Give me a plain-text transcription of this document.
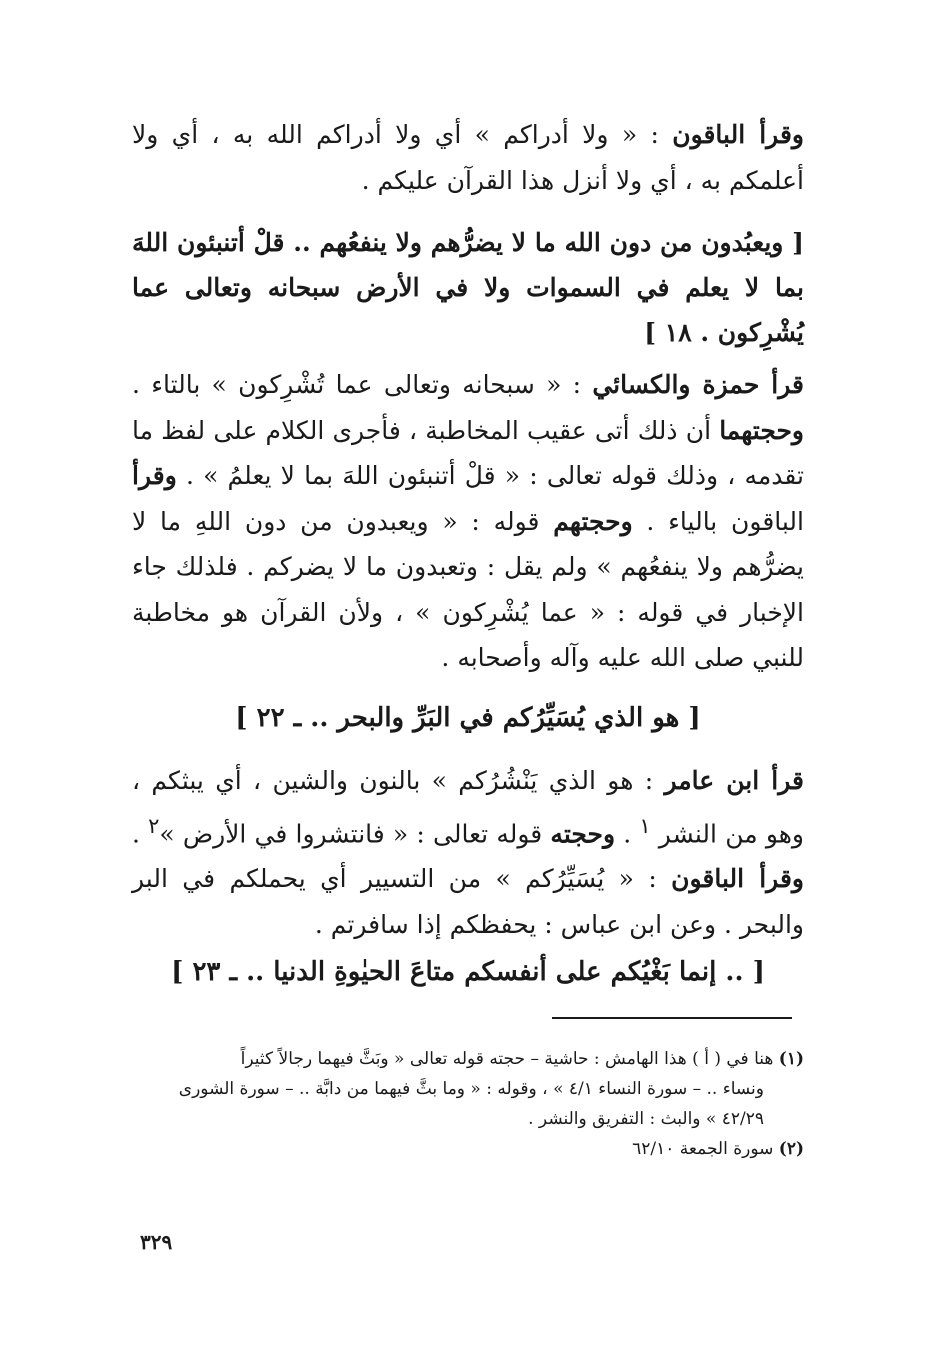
وقرأ الباقون : « ولا أدراكم » أي ولا أدراكم الله به ، أي ولا أعلمكم به ، أي ولا أنزل هذا القرآن عليكم .

[ ويعبُدون من دون الله ما لا يضرُّهم ولا ينفعُهم .. قلْ أتنبئون اللهَ بما لا يعلم في السموات ولا في الأرض سبحانه وتعالى عما يُشْرِكون . ١٨ ]

قرأ حمزة والكسائي : « سبحانه وتعالى عما تُشْرِكون » بالتاء . وحجتهما أن ذلك أتى عقيب المخاطبة ، فأجرى الكلام على لفظ ما تقدمه ، وذلك قوله تعالى : « قلْ أتنبئون اللهَ بما لا يعلمُ » . وقرأ الباقون بالياء . وحجتهم قوله : « ويعبدون من دون اللهِ ما لا يضرُّهم ولا ينفعُهم » ولم يقل : وتعبدون ما لا يضركم . فلذلك جاء الإخبار في قوله : « عما يُشْرِكون » ، ولأن القرآن هو مخاطبة للنبي صلى الله عليه وآله وأصحابه .

[ هو الذي يُسَيِّرُكم في البَرِّ والبحر .. ـ ٢٢ ]

قرأ ابن عامر : هو الذي يَنْشُرُكم » بالنون والشين ، أي يبثكم ، وهو من النشر $^١$ . وحجته قوله تعالى : « فانتشروا في الأرض »$^٢$ . وقرأ الباقون : « يُسَيِّرُكم » من التسيير أي يحملكم في البر والبحر . وعن ابن عباس : يحفظكم إذا سافرتم .

[ .. إنما بَغْيُكم على أنفسكم متاعَ الحيٰوةِ الدنيا .. ـ ٢٣ ]

(١) هنا في ( أ ) هذا الهامش : حاشية – حجته قوله تعالى « وبَثَّ فيهما رجالاً كثيراً

ونساء .. – سورة النساء ٤/١ » ، وقوله : « وما بثَّ فيهما من دابَّة .. – سورة الشورى

٤٢/٢٩ » والبث : التفريق والنشر .

(٢) سورة الجمعة ٦٢/١٠

٣٢٩
